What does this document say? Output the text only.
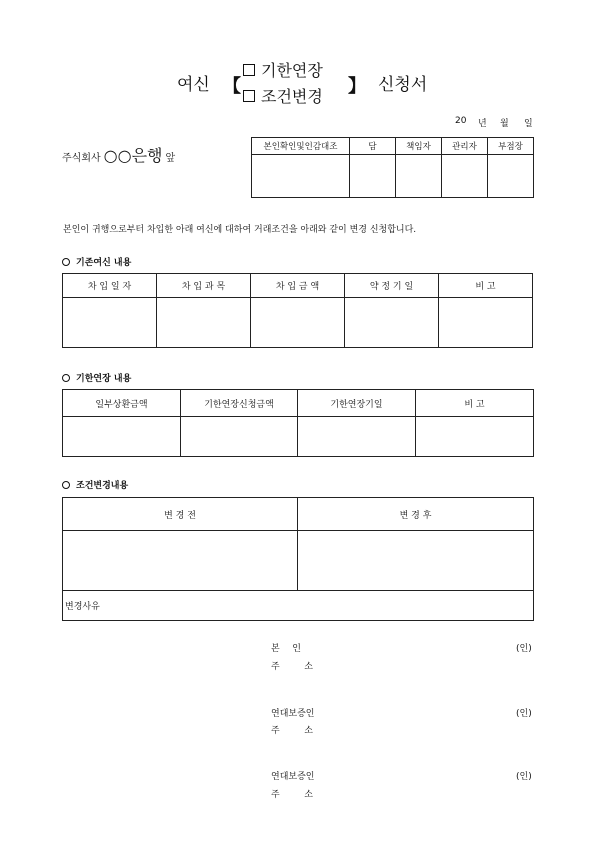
여신 【
기한연장
조건변경 】 신청서
20 년 월 일
주식회사 ○○은행 앞
본인확인및인감대조	담	책임자	관리자	부점장

본인이 귀행으로부터 차입한 아래 여신에 대하여 거래조건을 아래와 같이 변경 신청합니다.
기존여신 내용
차 입 일 자	차 입 과 목	차 입 금 액	약 정 기 일	비 고

기한연장 내용
일부상환금액	기한연장신청금액	기한연장기일	비 고

조건변경내용
변 경 전	변 경 후

변경사유	
본 인	(인)
주 소
연대보증인	(인)
주 소
연대보증인	(인)
주 소
